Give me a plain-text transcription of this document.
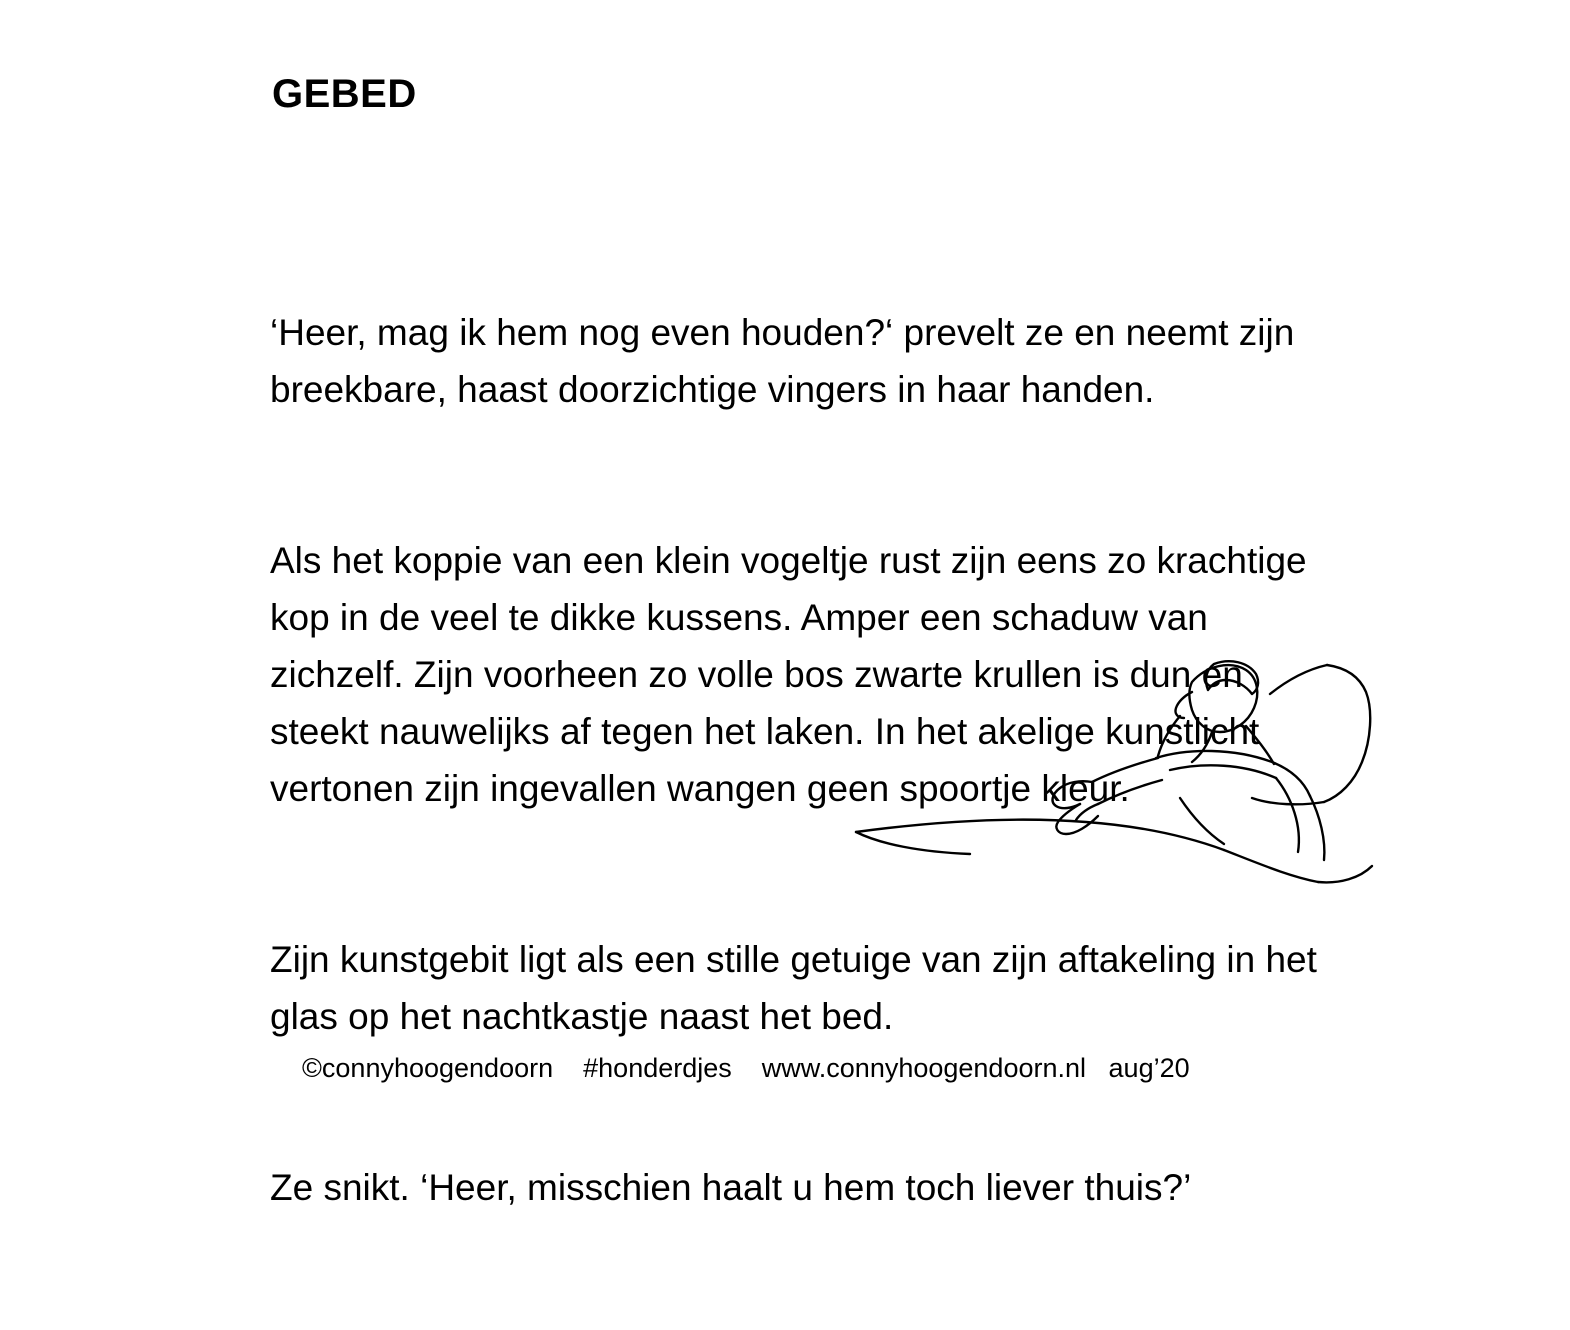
GEBED

‘Heer, mag ik hem nog even houden?‘ prevelt ze en neemt zijn breekbare, haast doorzichtige vingers in haar handen.

Als het koppie van een klein vogeltje rust zijn eens zo krachtige kop in de veel te dikke kussens. Amper een schaduw van zichzelf. Zijn voorheen zo volle bos zwarte krullen is dun en steekt nauwelijks af tegen het laken. In het akelige kunstlicht vertonen zijn ingevallen wangen geen spoortje kleur.

Zijn kunstgebit ligt als een stille getuige van zijn aftakeling in het glas op het nachtkastje naast het bed.

Ze snikt. ‘Heer, misschien haalt u hem toch liever thuis?’

©connyhoogendoorn #honderdjes www.connyhoogendoorn.nl aug’20
